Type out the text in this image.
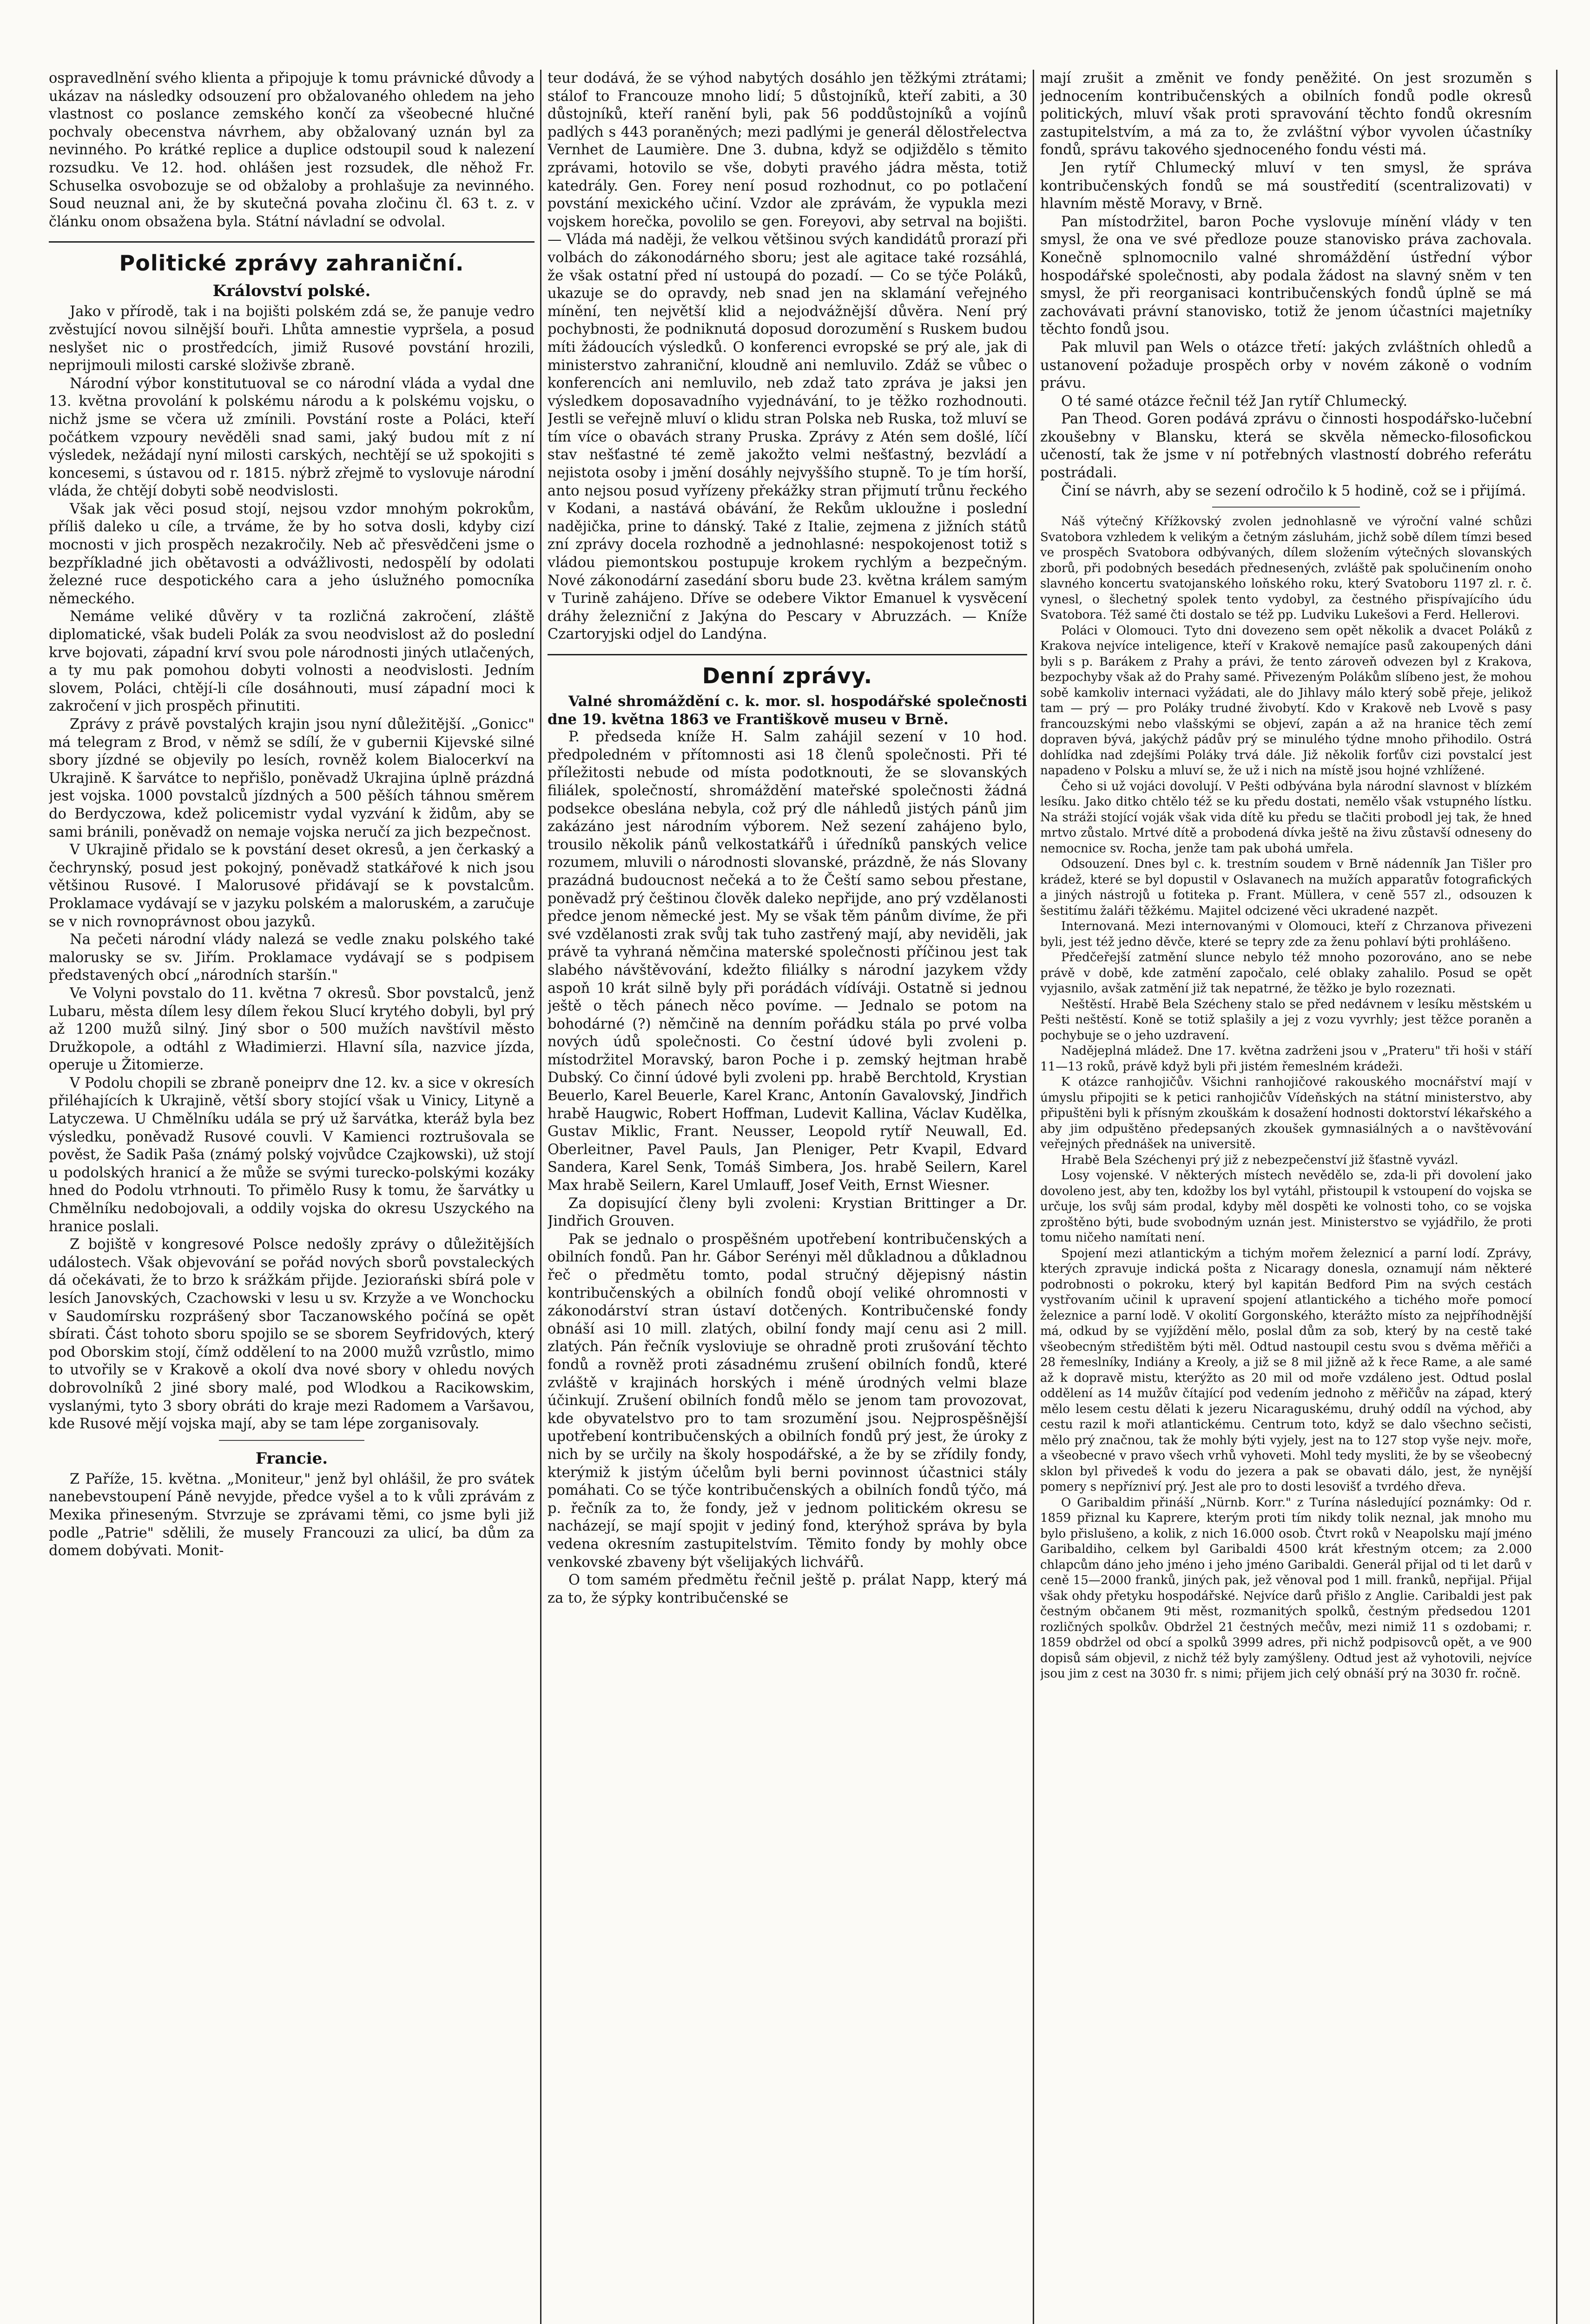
ospravedlnění svého klienta a připojuje k tomu právnické důvody a ukázav na následky odsouzení pro obžalovaného ohledem na jeho vlastnost co poslance zemského končí za všeobecné hlučné pochvaly obecenstva návrhem, aby obžalovaný uznán byl za nevinného. Po krátké replice a duplice odstoupil soud k nalezení rozsudku. Ve 12. hod. ohlášen jest rozsudek, dle něhož Fr. Schuselka osvobozuje se od obžaloby a prohlašuje za nevinného. Soud neuznal ani, že by skutečná povaha zločinu čl. 63 t. z. v článku onom obsažena byla. Státní návladní se odvolal.

Politické zprávy zahraniční.
Království polské.

Jako v přírodě, tak i na bojišti polském zdá se, že panuje vedro zvěstující novou silnější bouři. Lhůta amnestie vypršela, a posud neslyšet nic o prostředcích, jimiž Rusové povstání hrozili, neprijmouli milosti carské složivše zbraně.

Národní výbor konstitutuoval se co národní vláda a vydal dne 13. května provolání k polskému národu a k polskému vojsku, o nichž jsme se včera už zmínili. Povstání roste a Poláci, kteří počátkem vzpoury nevěděli snad sami, jaký budou mít z ní výsledek, nežádají nyní milosti carských, nechtějí se už spokojiti s koncesemi, s ústavou od r. 1815. nýbrž zřejmě to vyslovuje národní vláda, že chtějí dobyti sobě neodvislosti.

Však jak věci posud stojí, nejsou vzdor mnohým pokrokům, příliš daleko u cíle, a trváme, že by ho sotva dosli, kdyby cizí mocnosti v jich prospěch nezakročily. Neb ač přesvědčeni jsme o bezpříkladné jich obětavosti a odvážlivosti, nedospělí by odolati železné ruce despotického cara a jeho úslužného pomocníka německého.

Nemáme veliké důvěry v ta rozličná zakročení, zláště diplomatické, však budeli Polák za svou neodvislost až do poslední krve bojovati, západní krví svou pole národnosti jiných utlačených, a ty mu pak pomohou dobyti volnosti a neodvislosti. Jedním slovem, Poláci, chtějí-li cíle dosáhnouti, musí západní moci k zakročení v jich prospěch přinutiti.

Zprávy z právě povstalých krajin jsou nyní důležitější. „Gonicc" má telegram z Brod, v němž se sdílí, že v gubernii Kijevské silné sbory jízdné se objevily po lesích, rovněž kolem Bialocerkví na Ukrajině. K šarvátce to nepřišlo, poněvadž Ukrajina úplně prázdná jest vojska. 1000 povstalců jízdných a 500 pěších táhnou směrem do Berdyczowa, kdež policemistr vydal vyzvání k židům, aby se sami bránili, poněvadž on nemaje vojska neručí za jich bezpečnost.

V Ukrajině přidalo se k povstání deset okresů, a jen čerkaský a čechrynský, posud jest pokojný, poněvadž statkářové k nich jsou většinou Rusové. I Malorusové přidávají se k povstalcům. Proklamace vydávají se v jazyku polském a maloruském, a zaručuje se v nich rovnoprávnost obou jazyků.

Na pečeti národní vlády nalezá se vedle znaku polského také malorusky se sv. Jiřím. Proklamace vydávají se s podpisem představených obcí „národních staršín."

Ve Volyni povstalo do 11. května 7 okresů. Sbor povstalců, jenž Lubaru, města dílem lesy dílem řekou Slucí krytého dobyli, byl prý až 1200 mužů silný. Jiný sbor o 500 mužích navštívil město Družkopole, a odtáhl z Władimierzi. Hlavní síla, nazvice jízda, operuje u Žitomierze.

V Podolu chopili se zbraně poneiprv dne 12. kv. a sice v okresích přiléhajících k Ukrajině, větší sbory stojící však u Vinicy, Lityně a Latyczewa. U Chmělníku udála se prý už šarvátka, kteráž byla bez výsledku, poněvadž Rusové couvli. V Kamienci roztrušovala se pověst, že Sadik Paša (známý polský vojvůdce Czajkowski), už stojí u podolských hranicí a že může se svými turecko-polskými kozáky hned do Podolu vtrhnouti. To přimělo Rusy k tomu, že šarvátky u Chmělníku nedobojovali, a oddily vojska do okresu Uszyckého na hranice poslali.

Z bojiště v kongresové Polsce nedošly zprávy o důležitějších událostech. Však objevování se pořád nových sborů povstaleckých dá očekávati, že to brzo k srážkám přijde. Jeziorański sbírá pole v lesích Janovských, Czachowski v lesu u sv. Krzyže a ve Wonchocku v Saudomírsku rozprášený sbor Taczanowského počíná se opět sbírati. Část tohoto sboru spojilo se se sborem Seyfridových, který pod Oborskim stojí, čímž oddělení to na 2000 mužů vzrůstlo, mimo to utvořily se v Krakově a okolí dva nové sbory v ohledu nových dobrovolníků 2 jiné sbory malé, pod Wlodkou a Racikowskim, vyslanými, tyto 3 sbory obráti do kraje mezi Radomem a Varšavou, kde Rusové mějí vojska mají, aby se tam lépe zorganisovaly.

Francie.

Z Paříže, 15. května. „Moniteur," jenž byl ohlášil, že pro svátek nanebevstoupení Páně nevyjde, předce vyšel a to k vůli zprávám z Mexika přineseným. Stvrzuje se zprávami těmi, co jsme byli již podle „Patrie" sdělili, že musely Francouzi za ulicí, ba dům za domem dobývati. Monit-

teur dodává, že se výhod nabytých dosáhlo jen těžkými ztrátami; stálof to Francouze mnoho lidí; 5 důstojníků, kteří zabiti, a 30 důstojníků, kteří ranění byli, pak 56 poddůstojníků a vojínů padlých s 443 poraněných; mezi padlými je generál dělostřelectva Vernhet de Laumière. Dne 3. dubna, když se odjiždělo s těmito zprávami, hotovilo se vše, dobyti pravého jádra města, totiž katedrály. Gen. Forey není posud rozhodnut, co po potlačení povstání mexického učiní. Vzdor ale zprávám, že vypukla mezi vojskem horečka, povolilo se gen. Foreyovi, aby setrval na bojišti. — Vláda má naději, že velkou většinou svých kandidátů prorazí při volbách do zákonodárného sboru; jest ale agitace také rozsáhlá, že však ostatní před ní ustoupá do pozadí. — Co se týče Poláků, ukazuje se do opravdy, neb snad jen na sklamání veřejného mínění, ten největší klid a nejodvážnější důvěra. Není prý pochybnosti, že podniknutá doposud dorozumění s Ruskem budou míti žádoucích výsledků. O konferenci evropské se prý ale, jak di ministerstvo zahraniční, kloudně ani nemluvilo. Zdáž se vůbec o konferencích ani nemluvilo, neb zdaž tato zpráva je jaksi jen výsledkem doposavadního vyjednávání, to je těžko rozhodnouti. Jestli se veřejně mluví o klidu stran Polska neb Ruska, tož mluví se tím více o obavách strany Pruska. Zprávy z Atén sem došlé, líčí stav nešťastné té země jakožto velmi nešťastný, bezvládí a nejistota osoby i jmění dosáhly nejvyššího stupně. To je tím horší, anto nejsou posud vyřízeny překážky stran přijmutí trůnu řeckého v Kodani, a nastává obávání, že Rekům ukloužne i poslední nadějička, prine to dánský. Také z Italie, zejmena z jižních států zní zprávy docela rozhodně a jednohlasné: nespokojenost totiž s vládou piemontskou postupuje krokem rychlým a bezpečným. Nové zákonodární zasedání sboru bude 23. května králem samým v Turině zahájeno. Dříve se odebere Viktor Emanuel k vysvěcení dráhy železniční z Jakýna do Pescary v Abruzzách. — Kníže Czartoryjski odjel do Landýna.

Denní zprávy.

Valné shromáždění c. k. mor. sl. hospodářské společnosti dne 19. května 1863 ve Františkově museu v Brně.

P. předseda kníže H. Salm zahájil sezení v 10 hod. předpoledném v přítomnosti asi 18 členů společnosti. Při té příležitosti nebude od místa podotknouti, že se slovanských filiálek, společností, shromáždění mateřské společnosti žádná podsekce obeslána nebyla, což prý dle náhledů jistých pánů jim zakázáno jest národním výborem. Než sezení zahájeno bylo, trousilo několik pánů velkostatkářů i úředníků panských velice rozumem, mluvili o národnosti slovanské, prázdně, že nás Slovany prazádná budoucnost nečeká a to že Čeští samo sebou přestane, poněvadž prý češtinou člověk daleko nepřijde, ano prý vzdělanosti předce jenom německé jest. My se však těm pánům divíme, že při své vzdělanosti zrak svůj tak tuho zastřený mají, aby neviděli, jak právě ta vyhraná němčina materské společnosti příčinou jest tak slabého návštěvování, kdežto filiálky s národní jazykem vždy aspoň 10 krát silně byly při porádách vídíváji. Ostatně si jednou ještě o těch pánech něco povíme. — Jednalo se potom na bohodárné (?) němčině na denním pořádku stála po prvé volba nových údů společnosti. Co čestní údové byli zvoleni p. místodržitel Moravský, baron Poche i p. zemský hejtman hrabě Dubský. Co činní údové byli zvoleni pp. hrabě Berchtold, Krystian Beuerlo, Karel Beuerle, Karel Kranc, Antonín Gavalovský, Jindřich hrabě Haugwic, Robert Hoffman, Ludevit Kallina, Václav Kudělka, Gustav Miklic, Frant. Neusser, Leopold rytíř Neuwall, Ed. Oberleitner, Pavel Pauls, Jan Pleniger, Petr Kvapil, Edvard Sandera, Karel Senk, Tomáš Simbera, Jos. hrabě Seilern, Karel Max hrabě Seilern, Karel Umlauff, Josef Veith, Ernst Wiesner.

Za dopisující členy byli zvoleni: Krystian Brittinger a Dr. Jindřich Grouven.

Pak se jednalo o prospěšném upotřebení kontribučenských a obilních fondů. Pan hr. Gábor Serényi měl důkladnou a důkladnou řeč o předmětu tomto, podal stručný dějepisný nástin kontribučenských a obilních fondů obojí veliké ohromnosti v zákonodárství stran ústaví dotčených. Kontribučenské fondy obnáší asi 10 mill. zlatých, obilní fondy mají cenu asi 2 mill. zlatých. Pán řečník vysloviuje se ohradně proti zrušování těchto fondů a rovněž proti zásadnému zrušení obilních fondů, které zvláště v krajinách horských i méně úrodných velmi blaze účinkují. Zrušení obilních fondů mělo se jenom tam provozovat, kde obyvatelstvo pro to tam srozumění jsou. Nejprospěšnější upotřebení kontribučenských a obilních fondů prý jest, že úroky z nich by se určily na školy hospodářské, a že by se zřídily fondy, kterýmiž k jistým účelům byli berni povinnost účastnici stály pomáhati. Co se týče kontribučenských a obilních fondů týčo, má p. řečník za to, že fondy, jež v jednom politickém okresu se nacházejí, se mají spojit v jediný fond, kterýhož správa by byla vedena okresním zastupitelstvím. Těmito fondy by mohly obce venkovské zbaveny být všelijakých lichvářů.

O tom samém předmětu řečnil ještě p. prálat Napp, který má za to, že sýpky kontribučenské se

mají zrušit a změnit ve fondy peněžité. On jest srozuměn s jednocením kontribučenských a obilních fondů podle okresů politických, mluví však proti spravování těchto fondů okresním zastupitelstvím, a má za to, že zvláštní výbor vyvolen účastníky fondů, správu takového sjednoceného fondu vésti má.

Jen rytíř Chlumecký mluví v ten smysl, že správa kontribučenských fondů se má soustředití (scentralizovati) v hlavním městě Moravy, v Brně.

Pan místodržitel, baron Poche vyslovuje mínění vlády v ten smysl, že ona ve své předloze pouze stanovisko práva zachovala. Konečně splnomocnilo valné shromáždění ústřední výbor hospodářské společnosti, aby podala žádost na slavný sněm v ten smysl, že při reorganisaci kontribučenských fondů úplně se má zachovávati právní stanovisko, totiž že jenom účastníci majetníky těchto fondů jsou.

Pak mluvil pan Wels o otázce třetí: jakých zvláštních ohledů a ustanovení požaduje prospěch orby v novém zákoně o vodním právu.

O té samé otázce řečnil též Jan rytíř Chlumecký.

Pan Theod. Goren podává zprávu o činnosti hospodářsko-lučební zkoušebny v Blansku, která se skvěla německo-filosofickou učeností, tak že jsme v ní potřebných vlastností dobrého referátu postrádali.

Činí se návrh, aby se sezení odročilo k 5 hodině, což se i přijímá.

Náš výtečný Křížkovský zvolen jednohlasně ve výroční valné schůzi Svatobora vzhledem k velikým a četným zásluhám, jichž sobě dílem tímzi besed ve prospěch Svatobora odbývaných, dílem složením výtečných slovanských zborů, při podobných besedách přednesených, zvláště pak spolučinením onoho slavného koncertu svatojanského loňského roku, který Svatoboru 1197 zl. r. č. vynesl, o šlechetný spolek tento vydobyl, za čestného přispívajícího údu Svatobora. Též samé čti dostalo se též pp. Ludviku Lukešovi a Ferd. Hellerovi.

Poláci v Olomouci. Tyto dni dovezeno sem opět několik a dvacet Poláků z Krakova nejvíce inteligence, kteří v Krakově nemajíce pasů zakoupených dáni byli s p. Barákem z Prahy a právi, že tento zároveň odvezen byl z Krakova, bezpochyby však až do Prahy samé. Přivezeným Polákům slíbeno jest, že mohou sobě kamkoliv internaci vyžádati, ale do Jihlavy málo který sobě přeje, jelikož tam — prý — pro Poláky trudné živobytí. Kdo v Krakově neb Lvově s pasy francouzskými nebo vlašskými se objeví, zapán a až na hranice těch zemí dopraven bývá, jakýchž pádův prý se minulého týdne mnoho přihodilo. Ostrá dohlídka nad zdejšími Poláky trvá dále. Již několik forťův cizi povstalcí jest napadeno v Polsku a mluví se, že už i nich na místě jsou hojné vzhlížené.

Čeho si už vojáci dovolují. V Pešti odbývána byla národní slavnost v blízkém lesíku. Jako ditko chtělo též se ku předu dostati, nemělo však vstupného lístku. Na stráži stojící voják však vida dítě ku předu se tlačiti probodl jej tak, že hned mrtvo zůstalo. Mrtvé dítě a probodená dívka ještě na živu zůstavší odneseny do nemocnice sv. Rocha, jenže tam pak ubohá umřela.

Odsouzení. Dnes byl c. k. trestním soudem v Brně nádenník Jan Tišler pro krádež, které se byl dopustil v Oslavanech na mužích apparatův fotografických a jiných nástrojů u fotiteka p. Frant. Müllera, v ceně 557 zl., odsouzen k šestitímu žaláři těžkému. Majitel odcizené věci ukradené nazpět.

Internovaná. Mezi internovanými v Olomouci, kteří z Chrzanova přivezeni byli, jest též jedno děvče, které se tepry zde za ženu pohlaví býti prohlášeno.

Předčeřejší zatmění slunce nebylo též mnoho pozorováno, ano se nebe právě v době, kde zatmění započalo, celé oblaky zahalilo. Posud se opět vyjasnilo, avšak zatmění již tak nepatrné, že těžko je bylo rozeznati.

Neštěstí. Hrabě Bela Szécheny stalo se před nedávnem v lesíku městském u Pešti neštěstí. Koně se totiž splašily a jej z vozu vyvrhly; jest těžce poraněn a pochybuje se o jeho uzdravení.

Nadějeplná mládež. Dne 17. května zadrženi jsou v „Prateru" tři hoši v stáří 11—13 roků, právě když byli při jistém řemeslném krádeži.

K otázce ranhojičův. Všichni ranhojičové rakouského mocnářství mají v úmyslu připojiti se k petici ranhojičův Vídeňských na státní ministerstvo, aby připuštěni byli k přísným zkouškám k dosažení hodnosti doktorství lékařského a aby jim odpuštěno předepsaných zkoušek gymnasiálných a o navštěvování veřejných přednášek na universitě.

Hrabě Bela Széchenyi prý již z nebezpečenství již šťastně vyvázl.

Losy vojenské. V některých místech nevědělo se, zda-li při dovolení jako dovoleno jest, aby ten, kdožby los byl vytáhl, přistoupil k vstoupení do vojska se určuje, los svůj sám prodal, kdyby měl dospěti ke volnosti toho, co se vojska zproštěno býti, bude svobodným uznán jest. Ministerstvo se vyjádřilo, že proti tomu ničeho namítati není.

Spojení mezi atlantickým a tichým mořem železnicí a parní lodí. Zprávy, kterých zpravuje indická pošta z Nicaragy donesla, oznamují nám některé podrobnosti o pokroku, který byl kapitán Bedford Pim na svých cestách vystřovaním učinil k upravení spojení atlantického a tichého moře pomocí železnice a parní lodě. V okolití Gorgonského, kterážto místo za nejpříhodnější má, odkud by se vyjíždění mělo, poslal dům za sob, který by na cestě také všeobecným středištěm býti měl. Odtud nastoupil cestu svou s dvěma měřiči a 28 řemeslníky, Indiány a Kreoly, a již se 8 mil jižně až k řece Rame, a ale samé až k dopravě mistu, kterýžto as 20 mil od moře vzdáleno jest. Odtud poslal oddělení as 14 mužův čítající pod vedením jednoho z měřičův na západ, který mělo lesem cestu dělati k jezeru Nicaraguskému, druhý oddíl na východ, aby cestu razil k moři atlantickému. Centrum toto, když se dalo všechno sečisti, mělo prý značnou, tak že mohly býti vyjely, jest na to 127 stop vyše nejv. moře, a všeobecné v pravo všech vrhů vyhoveti. Mohl tedy mysliti, že by se všeobecný sklon byl přivedeš k vodu do jezera a pak se obavati dálo, jest, že nynější pomery s nepřízniví prý. Jest ale pro to dosti lesovišť a tvrdého dřeva.

O Garibaldim přináší „Nürnb. Korr." z Turína následující poznámky: Od r. 1859 přiznal ku Kaprere, kterým proti tím nikdy tolik neznal, jak mnoho mu bylo přislušeno, a kolik, z nich 16.000 osob. Čtvrt roků v Neapolsku mají jméno Garibaldiho, celkem byl Garibaldi 4500 krát křestným otcem; za 2.000 chlapcům dáno jeho jméno i jeho jméno Garibaldi. Generál přijal od ti let darů v ceně 15—2000 franků, jiných pak, jež věnoval pod 1 mill. franků, nepřijal. Přijal však ohdy přetyku hospodářské. Nejvíce darů přišlo z Anglie. Caribaldi jest pak čestným občanem 9ti měst, rozmanitých spolků, čestným předsedou 1201 rozličných spolkův. Obdržel 21 čestných mečův, mezi nimiž 11 s ozdobami; r. 1859 obdržel od obcí a spolků 3999 adres, při nichž podpisovců opět, a ve 900 dopisů sám objevil, z nichž též byly zamýšleny. Odtud jest až vyhotovili, nejvíce jsou jim z cest na 3030 fr. s nimi; přijem jich celý obnáší prý na 3030 fr. ročně.
